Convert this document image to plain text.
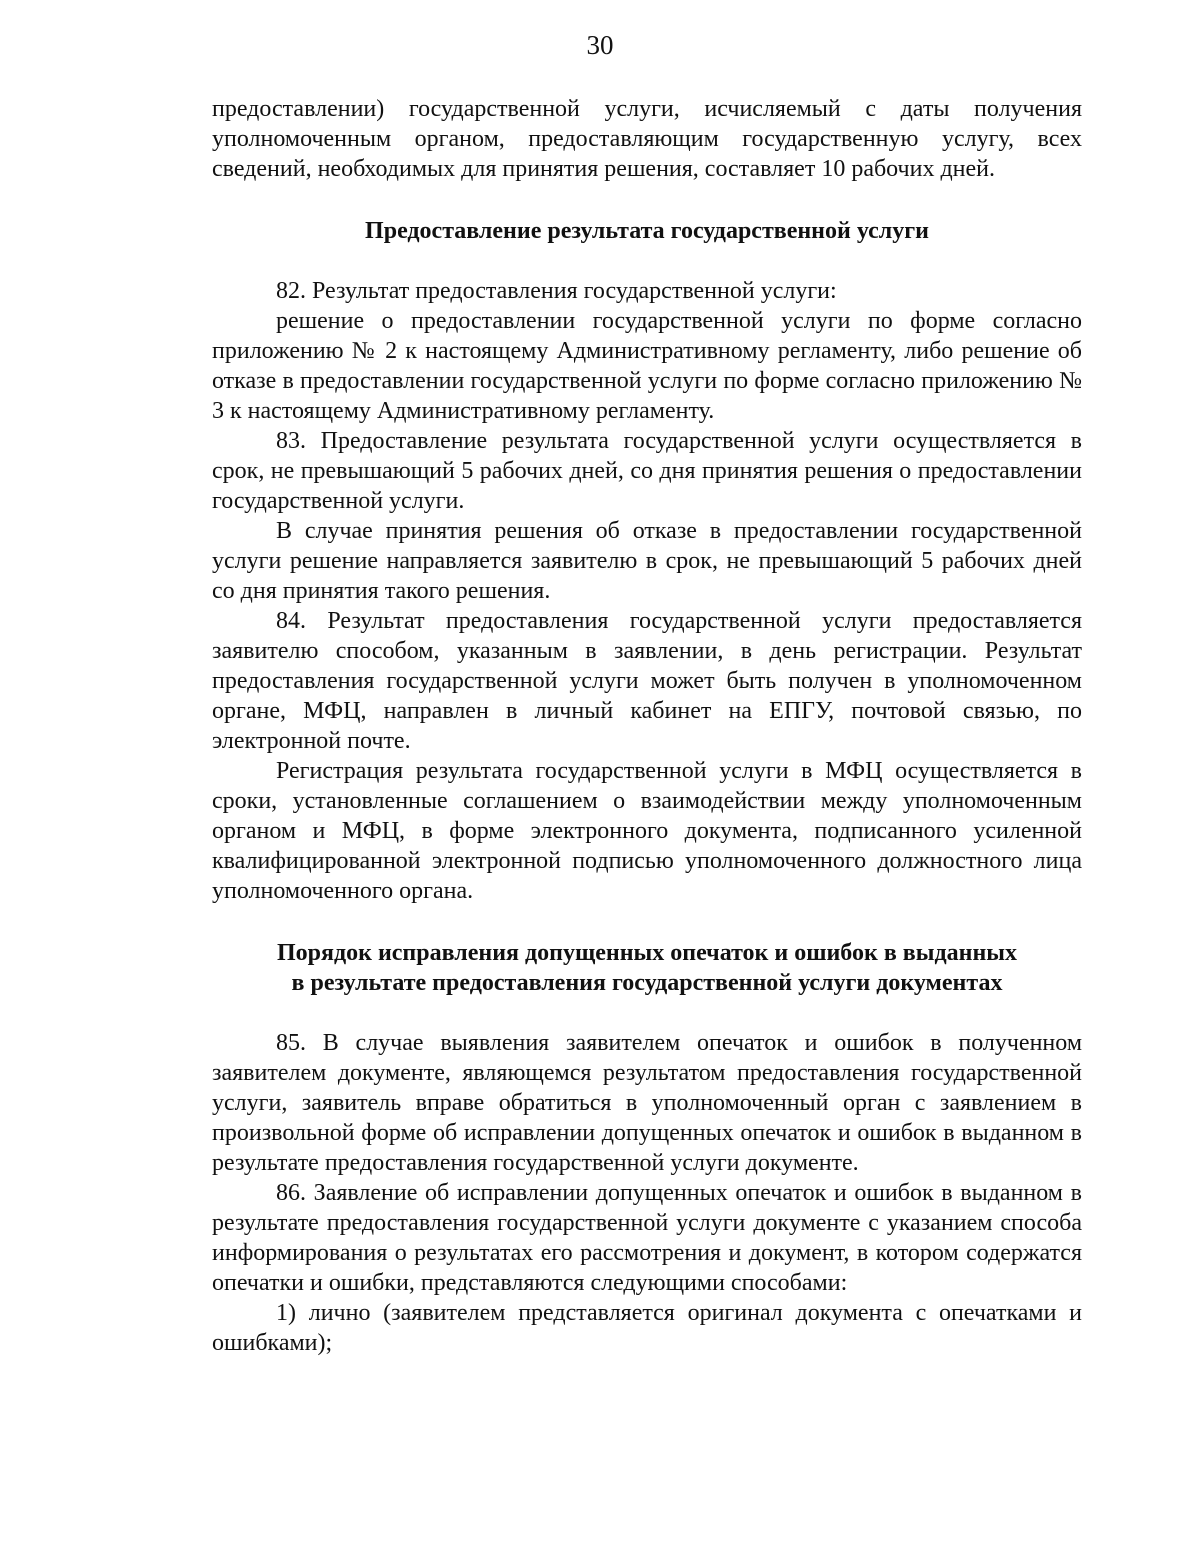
30

предоставлении) государственной услуги, исчисляемый с даты получения уполномоченным органом, предоставляющим государственную услугу, всех сведений, необходимых для принятия решения, составляет 10 рабочих дней.

Предоставление результата государственной услуги

82. Результат предоставления государственной услуги:

решение о предоставлении государственной услуги по форме согласно приложению № 2 к настоящему Административному регламенту, либо решение об отказе в предоставлении государственной услуги по форме согласно приложению № 3 к настоящему Административному регламенту.

83. Предоставление результата государственной услуги осуществляется в срок, не превышающий 5 рабочих дней, со дня принятия решения о предоставлении государственной услуги.

В случае принятия решения об отказе в предоставлении государственной услуги решение направляется заявителю в срок, не превышающий 5 рабочих дней со дня принятия такого решения.

84. Результат предоставления государственной услуги предоставляется заявителю способом, указанным в заявлении, в день регистрации. Результат предоставления государственной услуги может быть получен в уполномоченном органе, МФЦ, направлен в личный кабинет на ЕПГУ, почтовой связью, по электронной почте.

Регистрация результата государственной услуги в МФЦ осуществляется в сроки, установленные соглашением о взаимодействии между уполномоченным органом и МФЦ, в форме электронного документа, подписанного усиленной квалифицированной электронной подписью уполномоченного должностного лица уполномоченного органа.

Порядок исправления допущенных опечаток и ошибок в выданных
в результате предоставления государственной услуги документах

85. В случае выявления заявителем опечаток и ошибок в полученном заявителем документе, являющемся результатом предоставления государственной услуги, заявитель вправе обратиться в уполномоченный орган с заявлением в произвольной форме об исправлении допущенных опечаток и ошибок в выданном в результате предоставления государственной услуги документе.

86. Заявление об исправлении допущенных опечаток и ошибок в выданном в результате предоставления государственной услуги документе с указанием способа информирования о результатах его рассмотрения и документ, в котором содержатся опечатки и ошибки, представляются следующими способами:

1) лично (заявителем представляется оригинал документа с опечатками и ошибками);
